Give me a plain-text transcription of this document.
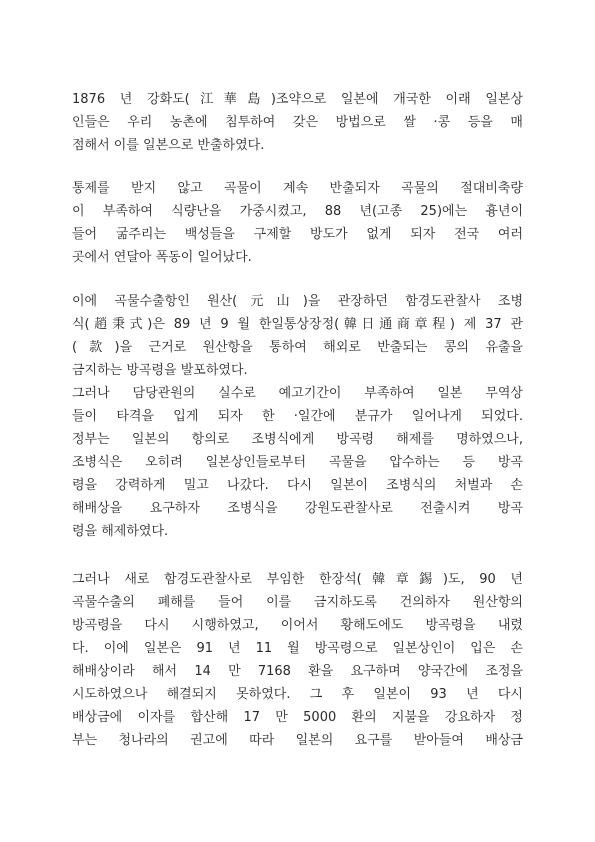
1876 년 강화도(江華島)조약으로 일본에 개국한 이래 일본상
인들은 우리 농촌에 침투하여 갖은 방법으로 쌀 ·콩 등을 매
점해서 이를 일본으로 반출하였다.
통제를 받지 않고 곡물이 계속 반출되자 곡물의 절대비축량
이 부족하여 식량난을 가중시켰고, 88 년(고종 25)에는 흉년이
들어 굶주리는 백성들을 구제할 방도가 없게 되자 전국 여러
곳에서 연달아 폭동이 일어났다.
이에 곡물수출항인 원산(元山)을 관장하던 함경도관찰사 조병
식(趙秉式)은 89 년 9 월 한일통상장정(韓日通商章程) 제 37 관
(款)을 근거로 원산항을 통하여 해외로 반출되는 콩의 유출을
금지하는 방곡령을 발포하였다.
그러나 담당관원의 실수로 예고기간이 부족하여 일본 무역상
들이 타격을 입게 되자 한 ·일간에 분규가 일어나게 되었다.
정부는 일본의 항의로 조병식에게 방곡령 해제를 명하였으나,
조병식은 오히려 일본상인들로부터 곡물을 압수하는 등 방곡
령을 강력하게 밀고 나갔다. 다시 일본이 조병식의 처벌과 손
해배상을 요구하자 조병식을 강원도관찰사로 전출시켜 방곡
령을 해제하였다.
그러나 새로 함경도관찰사로 부임한 한장석(韓章錫)도, 90 년
곡물수출의 폐해를 들어 이를 금지하도록 건의하자 원산항의
방곡령을 다시 시행하였고, 이어서 황해도에도 방곡령을 내렸
다. 이에 일본은 91 년 11 월 방곡령으로 일본상인이 입은 손
해배상이라 해서 14 만 7168 환을 요구하며 양국간에 조정을
시도하였으나 해결되지 못하였다. 그 후 일본이 93 년 다시
배상금에 이자를 합산해 17 만 5000 환의 지불을 강요하자 정
부는 청나라의 권고에 따라 일본의 요구를 받아들여 배상금
